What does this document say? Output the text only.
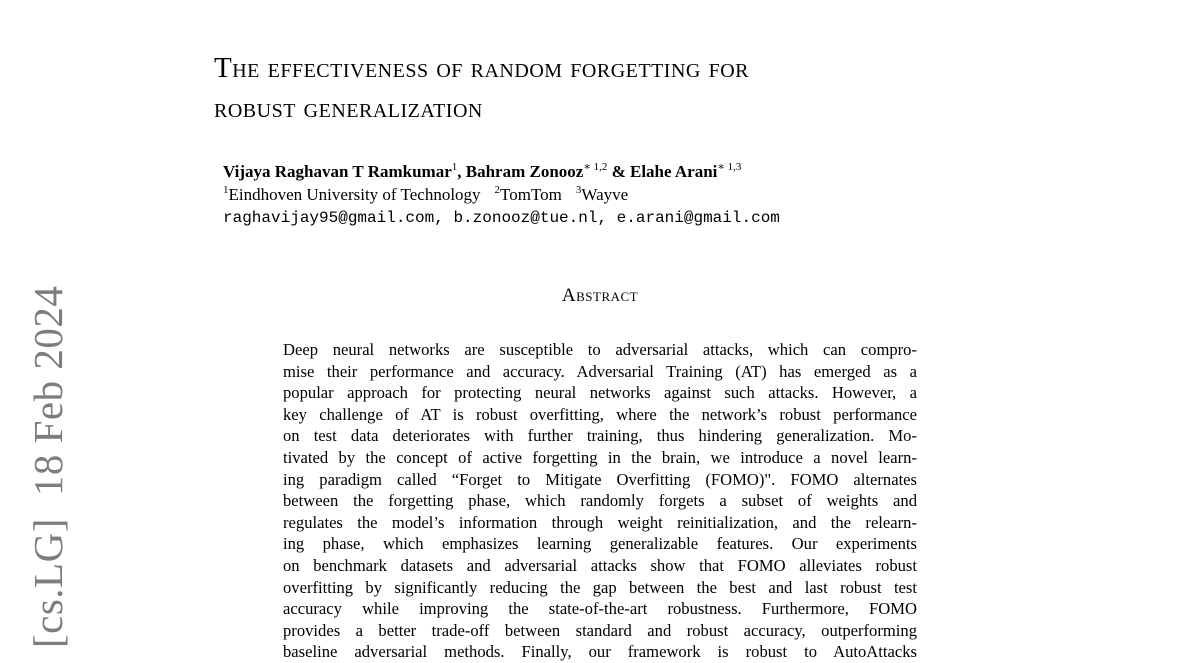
The effectiveness of random forgetting for
robust generalization
Vijaya Raghavan T Ramkumar$^1$, Bahram Zonooz$^{∗ 1,2}$ & Elahe Arani$^{∗ 1,3}$
$^1$Eindhoven University of Technology $^2$TomTom $^3$Wayve
raghavijay95@gmail.com, b.zonooz@tue.nl, e.arani@gmail.com
Abstract
Deep neural networks are susceptible to adversarial attacks, which can compro-
mise their performance and accuracy. Adversarial Training (AT) has emerged as a
popular approach for protecting neural networks against such attacks. However, a
key challenge of AT is robust overfitting, where the network’s robust performance
on test data deteriorates with further training, thus hindering generalization. Mo-
tivated by the concept of active forgetting in the brain, we introduce a novel learn-
ing paradigm called “Forget to Mitigate Overfitting (FOMO)". FOMO alternates
between the forgetting phase, which randomly forgets a subset of weights and
regulates the model’s information through weight reinitialization, and the relearn-
ing phase, which emphasizes learning generalizable features. Our experiments
on benchmark datasets and adversarial attacks show that FOMO alleviates robust
overfitting by significantly reducing the gap between the best and last robust test
accuracy while improving the state-of-the-art robustness. Furthermore, FOMO
provides a better trade-off between standard and robust accuracy, outperforming
baseline adversarial methods. Finally, our framework is robust to AutoAttacks
[cs.LG]18 Feb 2024
